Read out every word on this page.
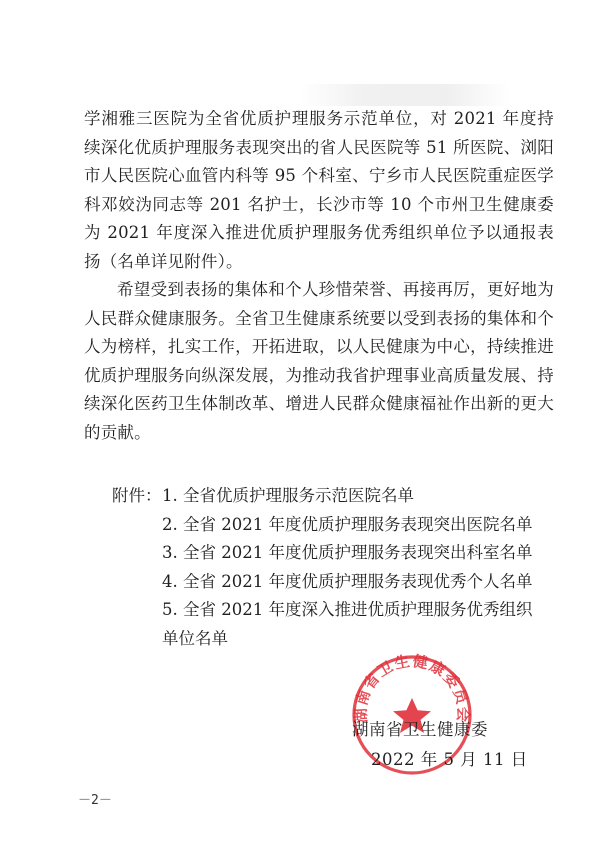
学湘雅三医院为全省优质护理服务示范单位，对 2021 年度持续深化优质护理服务表现突出的省人民医院等 51 所医院、浏阳市人民医院心血管内科等 95 个科室、宁乡市人民医院重症医学科邓姣沩同志等 201 名护士，长沙市等 10 个市州卫生健康委为 2021 年度深入推进优质护理服务优秀组织单位予以通报表扬（名单详见附件）。

希望受到表扬的集体和个人珍惜荣誉、再接再厉，更好地为人民群众健康服务。全省卫生健康系统要以受到表扬的集体和个人为榜样，扎实工作，开拓进取，以人民健康为中心，持续推进优质护理服务向纵深发展，为推动我省护理事业高质量发展、持续深化医药卫生体制改革、增进人民群众健康福祉作出新的更大的贡献。

附件： 1. 全省优质护理服务示范医院名单
2. 全省 2021 年度优质护理服务表现突出医院名单
3. 全省 2021 年度优质护理服务表现突出科室名单
4. 全省 2021 年度优质护理服务表现优秀个人名单
5. 全省 2021 年度深入推进优质护理服务优秀组织
单位名单
湖南省卫生健康委员会
湖南省卫生健康委
2022 年 5 月 11 日
－2－
